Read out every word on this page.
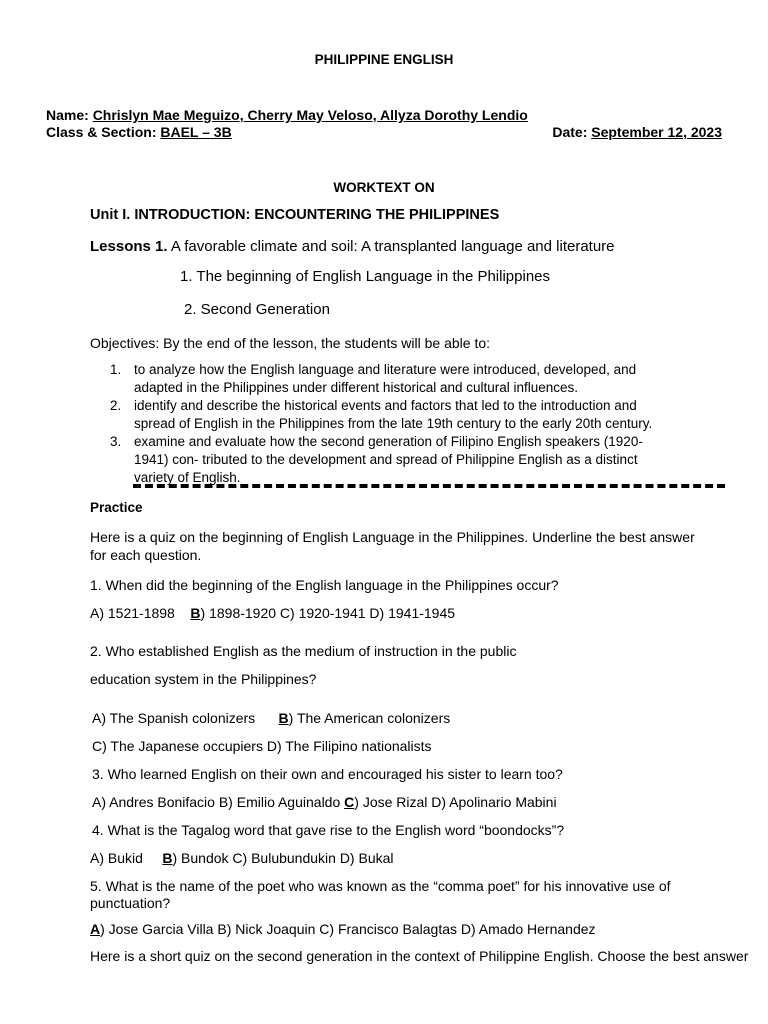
PHILIPPINE ENGLISH
Name: Chrislyn Mae Meguizo, Cherry May Veloso, Allyza Dorothy Lendio
Class & Section: BAEL – 3B	Date: September 12, 2023
WORKTEXT ON
Unit I. INTRODUCTION: ENCOUNTERING THE PHILIPPINES
Lessons 1. A favorable climate and soil: A transplanted language and literature
1. The beginning of English Language in the Philippines
2. Second Generation
Objectives: By the end of the lesson, the students will be able to:
1. to analyze how the English language and literature were introduced, developed, and
adapted in the Philippines under different historical and cultural influences.
2. identify and describe the historical events and factors that led to the introduction and
spread of English in the Philippines from the late 19th century to the early 20th century.
3. examine and evaluate how the second generation of Filipino English speakers (1920-
1941) con- tributed to the development and spread of Philippine English as a distinct
variety of English.
Practice
Here is a quiz on the beginning of English Language in the Philippines. Underline the best answer
for each question.
1. When did the beginning of the English language in the Philippines occur?
A) 1521-1898 B) 1898-1920 C) 1920-1941 D) 1941-1945
2. Who established English as the medium of instruction in the public
education system in the Philippines?
A) The Spanish colonizers B) The American colonizers
C) The Japanese occupiers D) The Filipino nationalists
3. Who learned English on their own and encouraged his sister to learn too?
A) Andres Bonifacio B) Emilio Aguinaldo C) Jose Rizal D) Apolinario Mabini
4. What is the Tagalog word that gave rise to the English word “boondocks”?
A) Bukid B) Bundok C) Bulubundukin D) Bukal
5. What is the name of the poet who was known as the “comma poet” for his innovative use of
punctuation?
A) Jose Garcia Villa B) Nick Joaquin C) Francisco Balagtas D) Amado Hernandez
Here is a short quiz on the second generation in the context of Philippine English. Choose the best answer
